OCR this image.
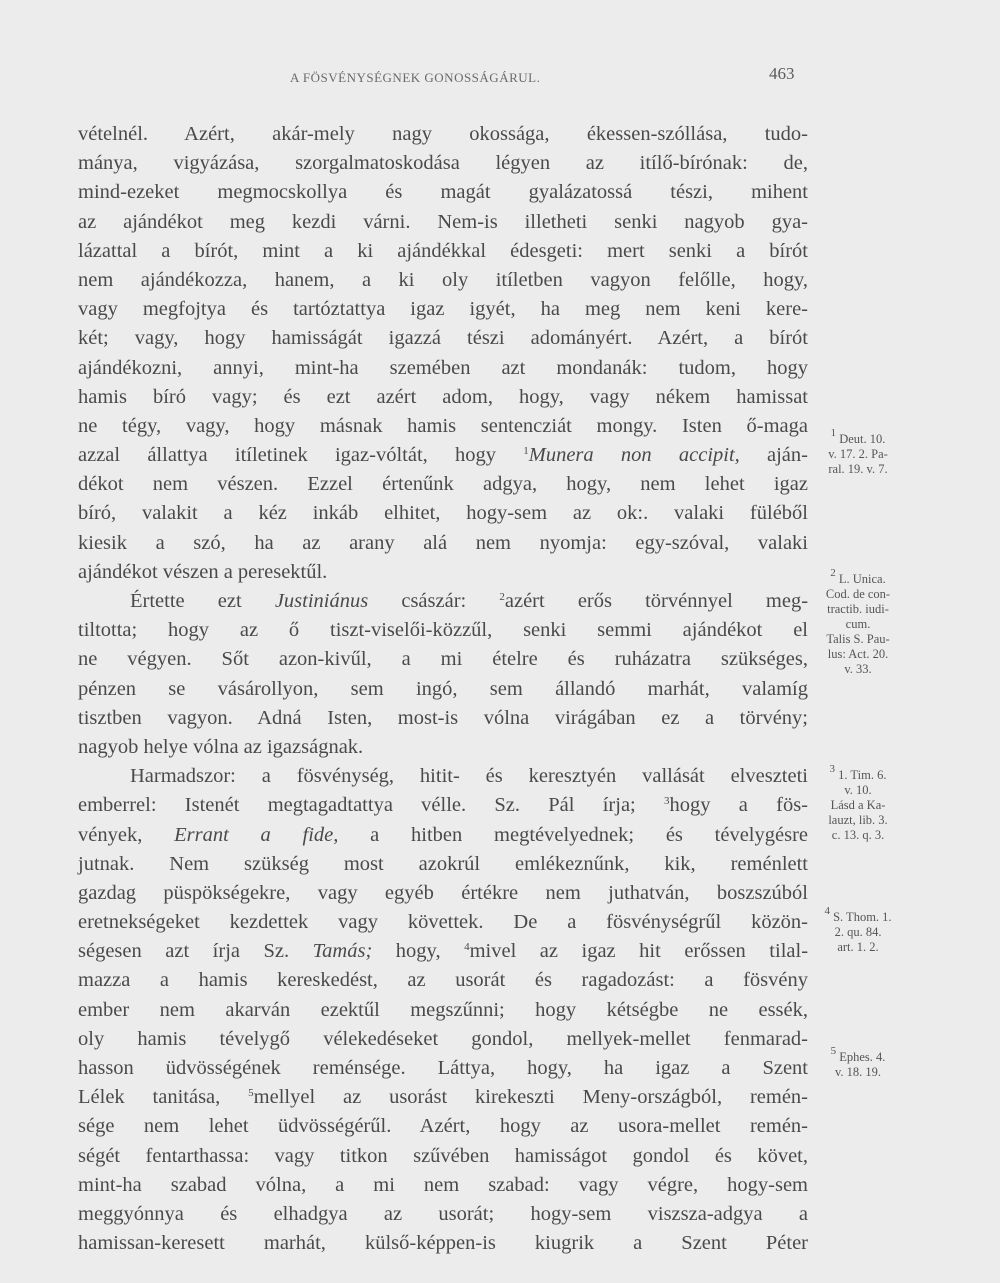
A FÖSVÉNYSÉGNEK GONOSSÁGÁRUL.	463
vételnél. Azért, akár-mely nagy okossága, ékessen-szóllása, tudo-
mánya, vigyázása, szorgalmatoskodása légyen az itílő-bírónak: de,
mind-ezeket megmocskollya és magát gyalázatossá tészi, mihent
az ajándékot meg kezdi várni. Nem-is illetheti senki nagyob gya-
lázattal a bírót, mint a ki ajándékkal édesgeti: mert senki a bírót
nem ajándékozza, hanem, a ki oly itíletben vagyon felőlle, hogy,
vagy megfojtya és tartóztattya igaz igyét, ha meg nem keni kere-
két; vagy, hogy hamisságát igazzá tészi adományért. Azért, a bírót
ajándékozni, annyi, mint-ha szemében azt mondanák: tudom, hogy
hamis bíró vagy; és ezt azért adom, hogy, vagy nékem hamissat
ne tégy, vagy, hogy másnak hamis sentencziát mongy. Isten ő-maga
azzal állattya itíletinek igaz-vóltát, hogy $^1$Munera non accipit, aján-
dékot nem vészen. Ezzel értenűnk adgya, hogy, nem lehet igaz
bíró, valakit a kéz inkáb elhitet, hogy-sem az ok:. valaki füléből
kiesik a szó, ha az arany alá nem nyomja: egy-szóval, valaki
ajándékot vészen a peresektűl.
Értette ezt Justiniánus császár:	$^2$azért erős törvénnyel meg-
tiltotta; hogy az ő tiszt-viselői-közzűl, senki semmi ajándékot el
ne végyen. Sőt azon-kivűl, a mi ételre és ruházatra szükséges,
pénzen se vásárollyon, sem ingó, sem állandó marhát, valamíg
tisztben vagyon. Adná Isten, most-is vólna virágában ez a törvény;
nagyob helye vólna az igazságnak.
Harmadszor: a fösvénység, hitit- és keresztyén vallását elveszteti
emberrel: Istenét megtagadtattya vélle. Sz. Pál írja;	$^3$hogy a fös-
vények, Errant a fide, a hitben megtévelyednek; és tévelygésre
jutnak. Nem szükség most azokrúl emlékeznűnk, kik, reménlett
gazdag püspökségekre, vagy egyéb értékre nem juthatván, boszszúból
eretnekségeket kezdettek vagy követtek. De a fösvénységrűl közön-
ségesen azt írja Sz. Tamás; hogy, $^4$mivel az igaz hit erőssen tilal-
mazza a hamis kereskedést, az usorát és ragadozást: a fösvény
ember nem akarván ezektűl megszűnni; hogy kétségbe ne essék,
oly hamis tévelygő vélekedéseket gondol, mellyek-mellet fenmarad-
hasson üdvösségének reménsége. Láttya, hogy, ha igaz a Szent
Lélek tanitása,	$^5$mellyel az usorást kirekeszti Meny-országból, remén-
sége nem lehet üdvösségérűl. Azért, hogy az usora-mellet remén-
ségét fentarthassa: vagy titkon szűvében hamisságot gondol és követ,
mint-ha szabad vólna, a mi nem szabad: vagy végre, hogy-sem
meggyónnya és elhadgya az usorát; hogy-sem viszsza-adgya a
hamissan-keresett marhát, külső-képpen-is kiugrik a Szent Péter
$^1$ Deut. 10.
v. 17. 2. Pa-
ral. 19. v. 7.
$^2$ L. Unica.
Cod. de con-
tractib. iudi-
cum.
Talis S. Pau-
lus: Act. 20.
v. 33.
$^3$ 1. Tim. 6.
v. 10.
Lásd a Ka-
lauzt, lib. 3.
c. 13. q. 3.
$^4$ S. Thom. 1.
2. qu. 84.
art. 1. 2.
$^5$ Ephes. 4.
v. 18. 19.
